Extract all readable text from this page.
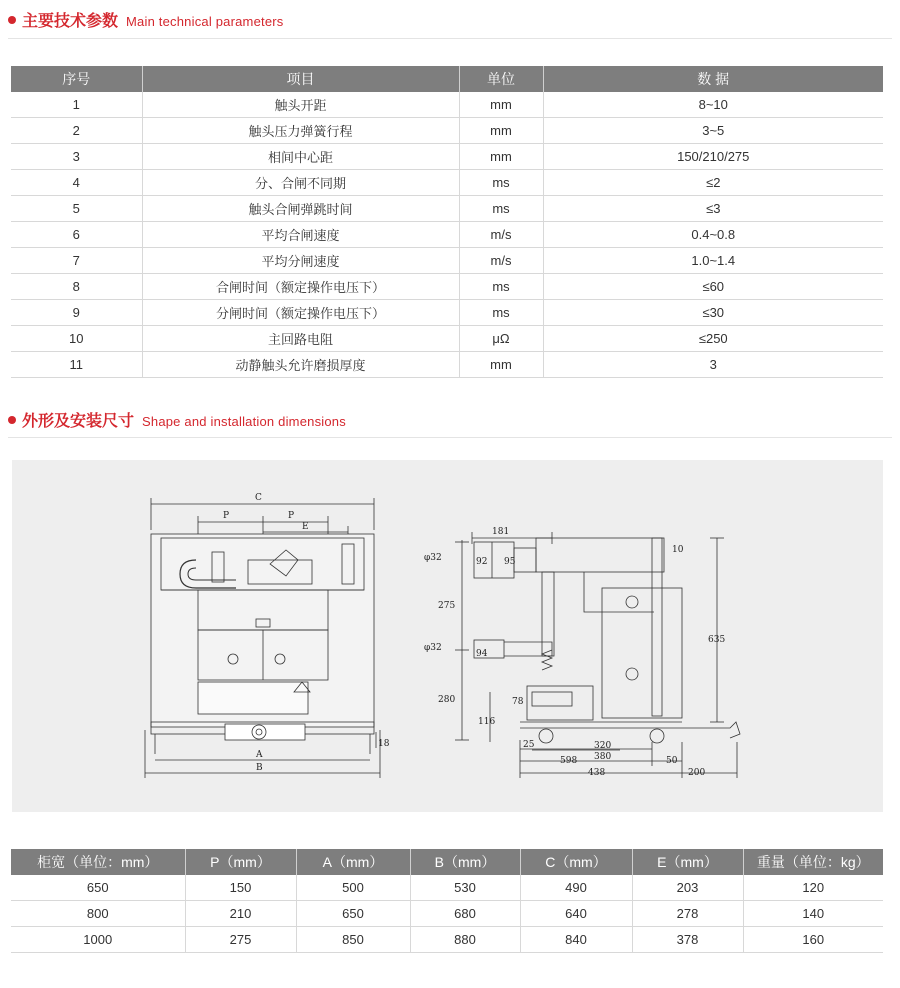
主要技术参数 Main technical parameters
序号	项目	单位	数 据
1	触头开距	mm	8~10
2	触头压力弹簧行程	mm	3~5
3	相间中心距	mm	150/210/275
4	分、合闸不同期	ms	≤2
5	触头合闸弹跳时间	ms	≤3
6	平均合闸速度	m/s	0.4~0.8
7	平均分闸速度	m/s	1.0~1.4
8	合闸时间（额定操作电压下）	ms	≤60
9	分闸时间（额定操作电压下）	ms	≤30
10	主回路电阻	μΩ	≤250
11	动静触头允许磨损厚度	mm	3
外形及安装尺寸 Shape and installation dimensions
C
P	P
E
A
B
18
181
10
92 95
275
635
94
280	78
116
25	320
380
598	50
438	200
φ32
φ32
柜宽（单位：mm）	P（mm）	A（mm）	B（mm）	C（mm）	E（mm）	重量（单位：kg）
650	150	500	530	490	203	120
800	210	650	680	640	278	140
1000	275	850	880	840	378	160
